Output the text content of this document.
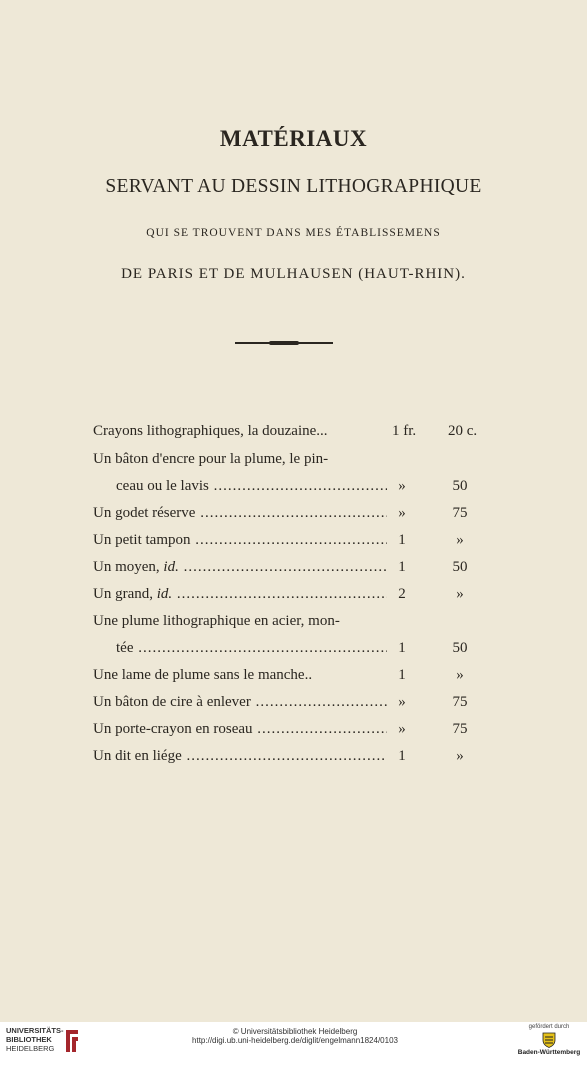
MATÉRIAUX
SERVANT AU DESSIN LITHOGRAPHIQUE
QUI SE TROUVENT DANS MES ÉTABLISSEMENS
DE PARIS ET DE MULHAUSEN (HAUT-RHIN).
Crayons lithographiques, la douzaine...	1 fr.	20 c.
Un bâton d'encre pour la plume, le pin-
ceau ou le lavis .....	»	50
Un godet réserve .....	»	75
Un petit tampon .....	1	»
Un moyen, id. .....	1	50
Un grand, id. .....	2	»
Une plume lithographique en acier, mon-
tée .....	1	50
Une lame de plume sans le manche..	1	»
Un bâton de cire à enlever .....	»	75
Un porte-crayon en roseau .....	»	75
Un dit en liége .....	1	»
UNIVERSITÄTS-
BIBLIOTHEK
HEIDELBERG
© Universitätsbibliothek Heidelberg
http://digi.ub.uni-heidelberg.de/diglit/engelmann1824/0103
gefördert durch
Baden-Württemberg
